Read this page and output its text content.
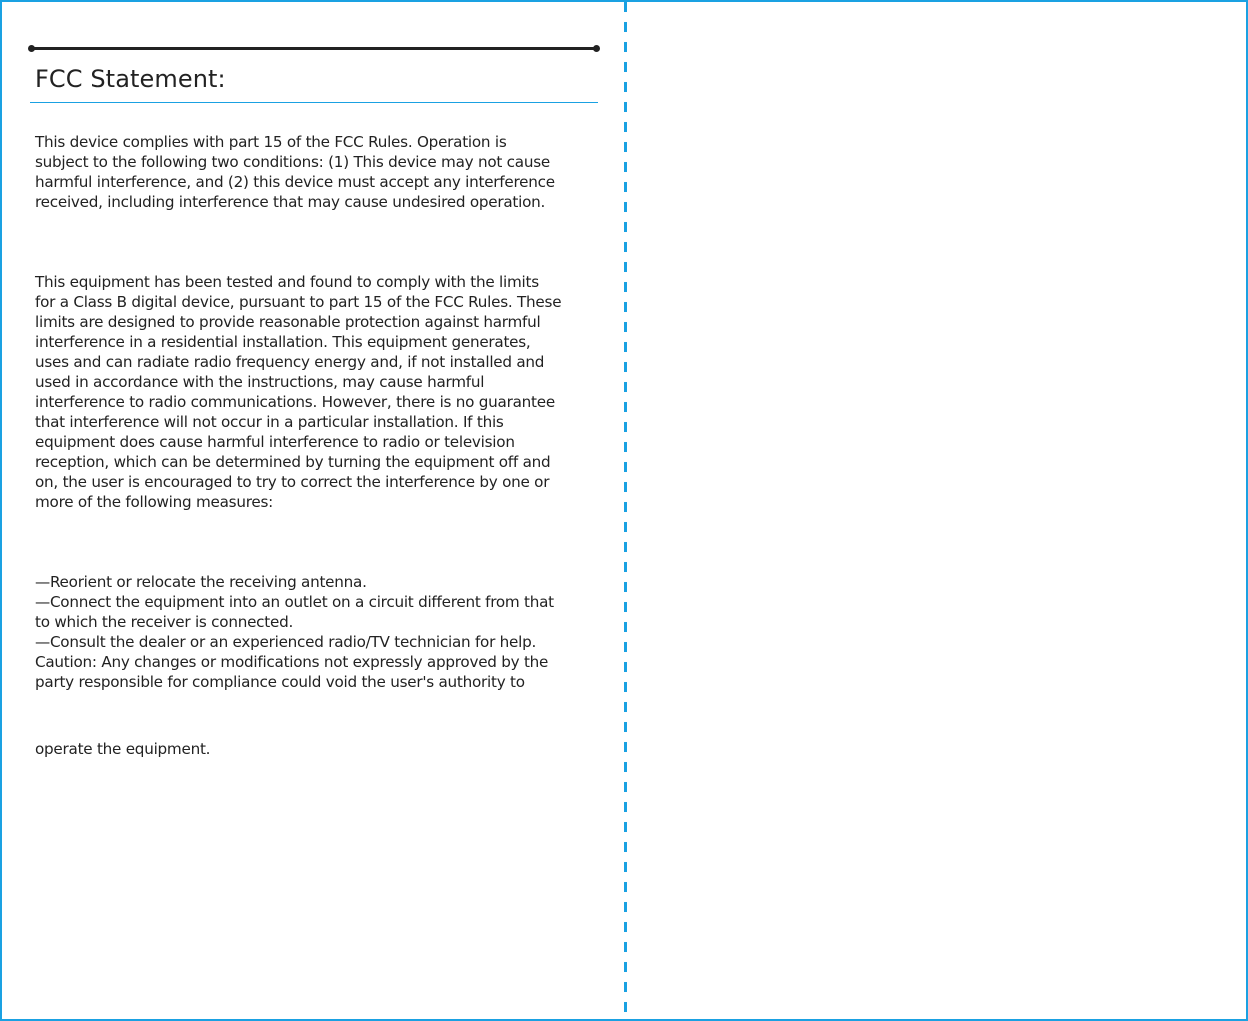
FCC Statement:

This device complies with part 15 of the FCC Rules. Operation is
subject to the following two conditions: (1) This device may not cause
harmful interference, and (2) this device must accept any interference
received, including interference that may cause undesired operation.

This equipment has been tested and found to comply with the limits
for a Class B digital device, pursuant to part 15 of the FCC Rules. These
limits are designed to provide reasonable protection against harmful
interference in a residential installation. This equipment generates,
uses and can radiate radio frequency energy and, if not installed and
used in accordance with the instructions, may cause harmful
interference to radio communications. However, there is no guarantee
that interference will not occur in a particular installation. If this
equipment does cause harmful interference to radio or television
reception, which can be determined by turning the equipment off and
on, the user is encouraged to try to correct the interference by one or
more of the following measures:

—Reorient or relocate the receiving antenna.
—Connect the equipment into an outlet on a circuit different from that
to which the receiver is connected.
—Consult the dealer or an experienced radio/TV technician for help.
Caution: Any changes or modifications not expressly approved by the
party responsible for compliance could void the user's authority to

operate the equipment.
